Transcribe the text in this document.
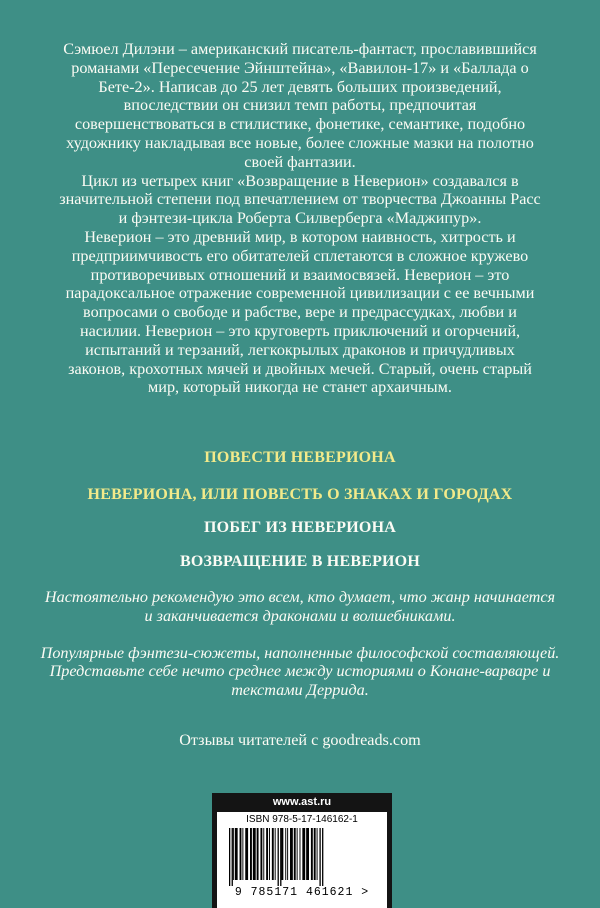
Сэмюел Дилэни – американский писатель-фантаст, прославившийся романами «Пересечение Эйнштейна», «Вавилон-17» и «Баллада о Бете-2». Написав до 25 лет девять больших произведений, впоследствии он снизил темп работы, предпочитая совершенствоваться в стилистике, фонетике, семантике, подобно художнику накладывая все новые, более сложные мазки на полотно своей фантазии.

Цикл из четырех книг «Возвращение в Неверион» создавался в значительной степени под впечатлением от творчества Джоанны Расс и фэнтези-цикла Роберта Силверберга «Маджипур».

Неверион – это древний мир, в котором наивность, хитрость и предприимчивость его обитателей сплетаются в сложное кружево противоречивых отношений и взаимосвязей. Неверион – это парадоксальное отражение современной цивилизации с ее вечными вопросами о свободе и рабстве, вере и предрассудках, любви и насилии. Неверион – это круговерть приключений и огорчений, испытаний и терзаний, легкокрылых драконов и причудливых законов, крохотных мячей и двойных мечей. Старый, очень старый мир, который никогда не станет архаичным.

ПОВЕСТИ НЕВЕРИОНА
НЕВЕРИОНА, ИЛИ ПОВЕСТЬ О ЗНАКАХ И ГОРОДАХ
ПОБЕГ ИЗ НЕВЕРИОНА
ВОЗВРАЩЕНИЕ В НЕВЕРИОН

Настоятельно рекомендую это всем, кто думает, что жанр начинается и заканчивается драконами и волшебниками.

Популярные фэнтези-сюжеты, наполненные философской составляющей. Представьте себе нечто среднее между историями о Конане-варваре и текстами Деррида.

Отзывы читателей с goodreads.com
www.ast.ru
ISBN 978-5-17-146162-1
9 785171 461621 >
